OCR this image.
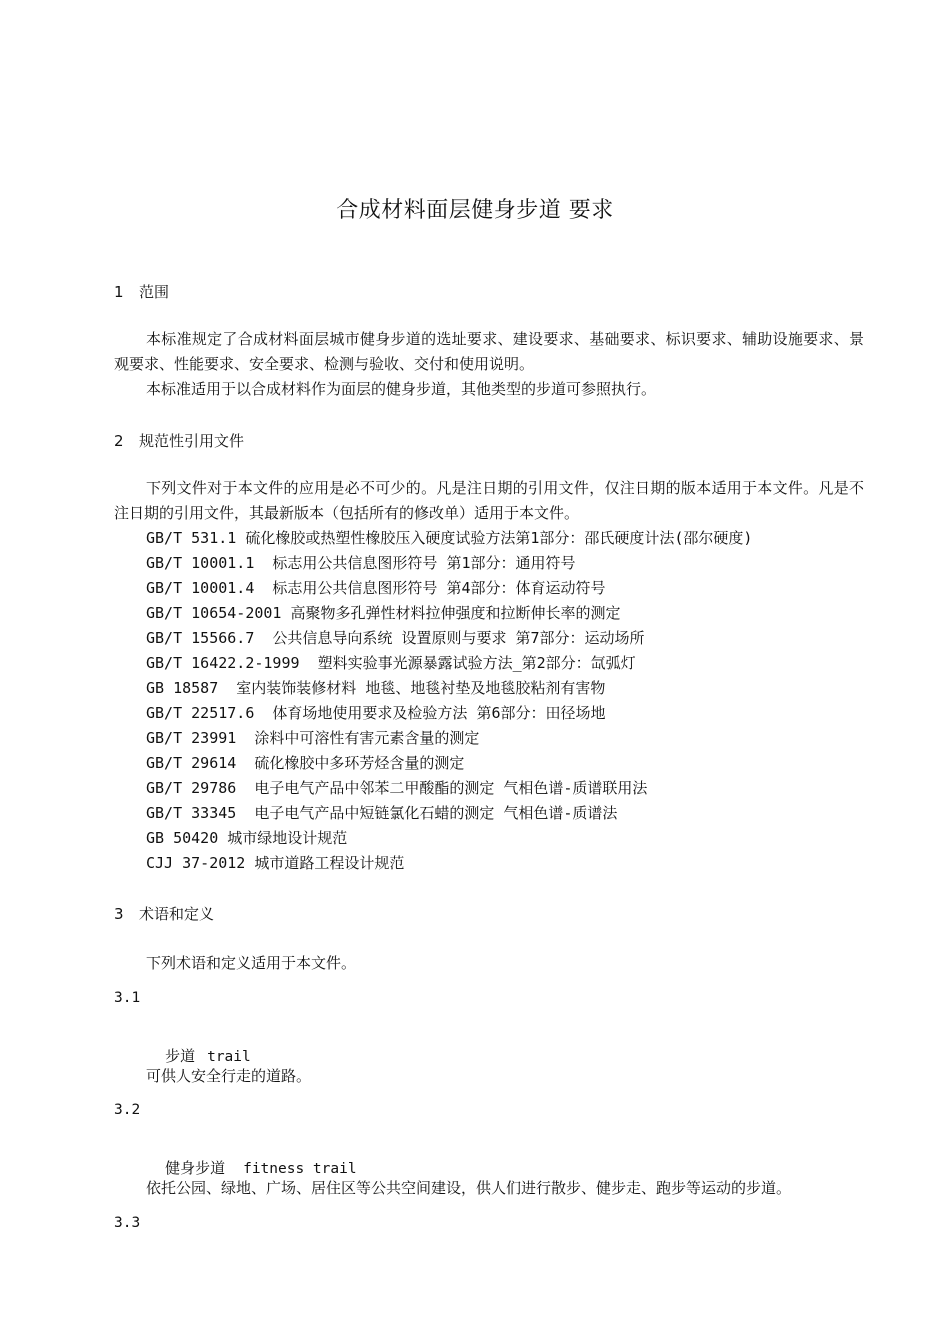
合成材料面层健身步道 要求
1 范围
本标准规定了合成材料面层城市健身步道的选址要求、建设要求、基础要求、标识要求、辅助设施要求、景观要求、性能要求、安全要求、检测与验收、交付和使用说明。
本标准适用于以合成材料作为面层的健身步道，其他类型的步道可参照执行。
2 规范性引用文件
下列文件对于本文件的应用是必不可少的。凡是注日期的引用文件，仅注日期的版本适用于本文件。凡是不注日期的引用文件，其最新版本（包括所有的修改单）适用于本文件。
GB/T 531.1 硫化橡胶或热塑性橡胶压入硬度试验方法第1部分：邵氏硬度计法(邵尔硬度)
GB/T 10001.1  标志用公共信息图形符号 第1部分：通用符号
GB/T 10001.4  标志用公共信息图形符号 第4部分：体育运动符号
GB/T 10654-2001 高聚物多孔弹性材料拉伸强度和拉断伸长率的测定
GB/T 15566.7  公共信息导向系统 设置原则与要求 第7部分：运动场所
GB/T 16422.2-1999  塑料实验事光源暴露试验方法_第2部分：氙弧灯
GB 18587  室内装饰装修材料 地毯、地毯衬垫及地毯胶粘剂有害物
GB/T 22517.6  体育场地使用要求及检验方法 第6部分：田径场地
GB/T 23991  涂料中可溶性有害元素含量的测定
GB/T 29614  硫化橡胶中多环芳烃含量的测定
GB/T 29786  电子电气产品中邻苯二甲酸酯的测定 气相色谱-质谱联用法
GB/T 33345  电子电气产品中短链氯化石蜡的测定 气相色谱-质谱法
GB 50420 城市绿地设计规范
CJJ 37-2012 城市道路工程设计规范
3 术语和定义
下列术语和定义适用于本文件。
3.1

步道 trail

可供人安全行走的道路。
3.2

健身步道 fitness trail

依托公园、绿地、广场、居住区等公共空间建设，供人们进行散步、健步走、跑步等运动的步道。
3.3
